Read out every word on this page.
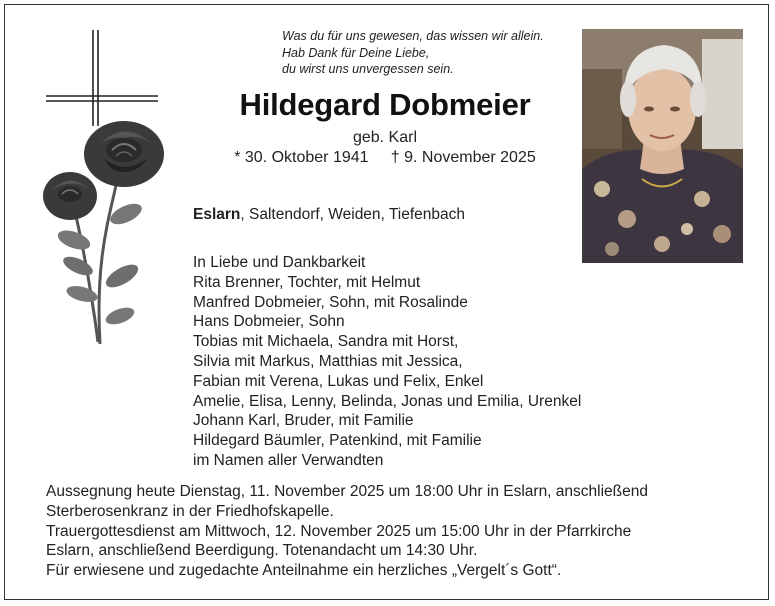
Was du für uns gewesen, das wissen wir allein.
Hab Dank für Deine Liebe,
du wirst uns unvergessen sein.
Hildegard Dobmeier
geb. Karl
* 30. Oktober 1941     † 9. November 2025
Eslarn, Saltendorf, Weiden, Tiefenbach
In Liebe und Dankbarkeit
Rita Brenner, Tochter, mit Helmut
Manfred Dobmeier, Sohn, mit Rosalinde
Hans Dobmeier, Sohn
Tobias mit Michaela, Sandra mit Horst,
Silvia mit Markus, Matthias mit Jessica,
Fabian mit Verena, Lukas und Felix, Enkel
Amelie, Elisa, Lenny, Belinda, Jonas und Emilia, Urenkel
Johann Karl, Bruder, mit Familie
Hildegard Bäumler, Patenkind, mit Familie
im Namen aller Verwandten
Aussegnung heute Dienstag, 11. November 2025 um 18:00 Uhr in Eslarn, anschließend
Sterberosenkranz in der Friedhofskapelle.
Trauergottesdienst am Mittwoch, 12. November 2025 um 15:00 Uhr in der Pfarrkirche
Eslarn, anschließend Beerdigung. Totenandacht um 14:30 Uhr.
Für erwiesene und zugedachte Anteilnahme ein herzliches „Vergelt´s Gott“.
